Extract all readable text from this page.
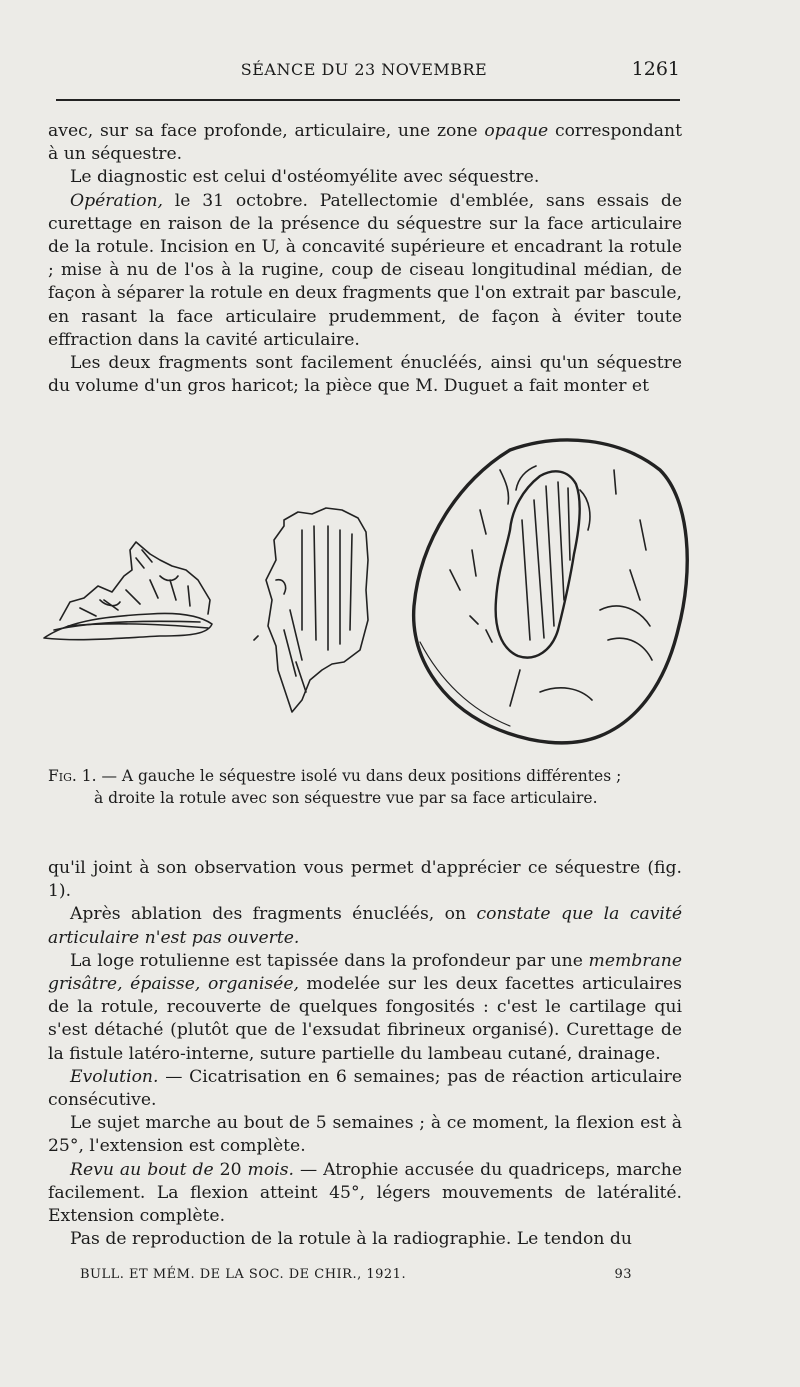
SÉANCE DU 23 NOVEMBRE	1261

avec, sur sa face profonde, articulaire, une zone opaque correspondant à un séquestre.

Le diagnostic est celui d'ostéomyélite avec séquestre.

Opération, le 31 octobre. Patellectomie d'emblée, sans essais de curettage en raison de la présence du séquestre sur la face articulaire de la rotule. Incision en U, à concavité supérieure et encadrant la rotule ; mise à nu de l'os à la rugine, coup de ciseau longitudinal médian, de façon à séparer la rotule en deux fragments que l'on extrait par bascule, en rasant la face articulaire prudemment, de façon à éviter toute effraction dans la cavité articulaire.

Les deux fragments sont facilement énucléés, ainsi qu'un séquestre du volume d'un gros haricot; la pièce que M. Duguet a fait monter et

Fig. 1. — A gauche le séquestre isolé vu dans deux positions différentes ;
à droite la rotule avec son séquestre vue par sa face articulaire.

qu'il joint à son observation vous permet d'apprécier ce séquestre (fig. 1).

Après ablation des fragments énucléés, on constate que la cavité articulaire n'est pas ouverte.

La loge rotulienne est tapissée dans la profondeur par une membrane grisâtre, épaisse, organisée, modelée sur les deux facettes articulaires de la rotule, recouverte de quelques fongosités : c'est le cartilage qui s'est détaché (plutôt que de l'exsudat fibrineux organisé). Curettage de la fistule latéro-interne, suture partielle du lambeau cutané, drainage.

Evolution. — Cicatrisation en 6 semaines; pas de réaction articulaire consécutive.

Le sujet marche au bout de 5 semaines ; à ce moment, la flexion est à 25°, l'extension est complète.

Revu au bout de 20 mois. — Atrophie accusée du quadriceps, marche facilement. La flexion atteint 45°, légers mouvements de latéralité. Extension complète.

Pas de reproduction de la rotule à la radiographie. Le tendon du

BULL. ET MÉM. DE LA SOC. DE CHIR., 1921.	93
